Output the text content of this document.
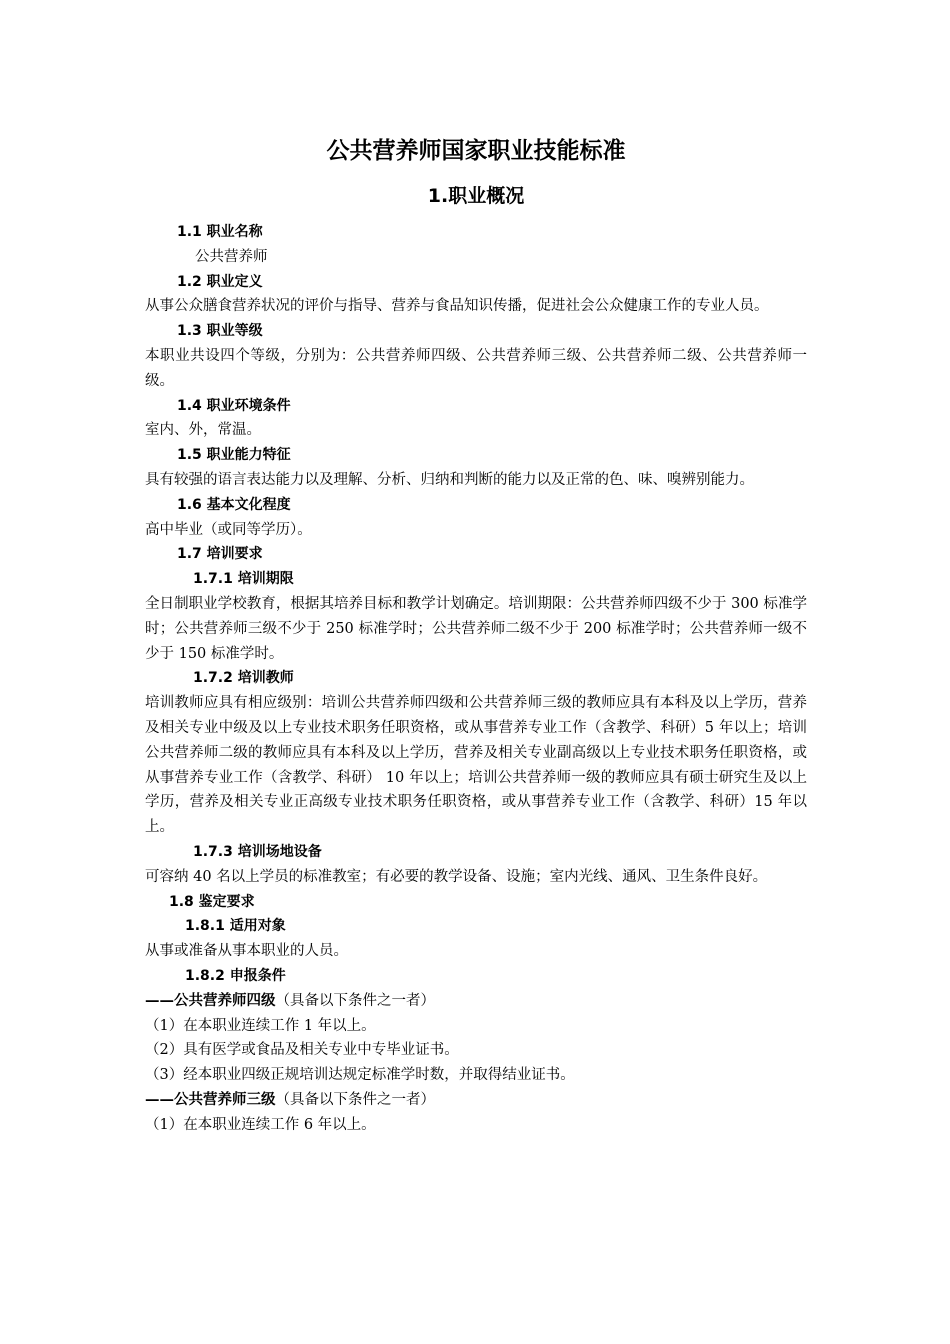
公共营养师国家职业技能标准
1.职业概况
1.1 职业名称
公共营养师
1.2 职业定义
从事公众膳食营养状况的评价与指导、营养与食品知识传播，促进社会公众健康工作的专业人员。
1.3 职业等级
本职业共设四个等级，分别为：公共营养师四级、公共营养师三级、公共营养师二级、公共营养师一级。
1.4 职业环境条件
室内、外，常温。
1.5 职业能力特征
具有较强的语言表达能力以及理解、分析、归纳和判断的能力以及正常的色、味、嗅辨别能力。
1.6 基本文化程度
高中毕业（或同等学历）。
1.7 培训要求
1.7.1 培训期限
全日制职业学校教育，根据其培养目标和教学计划确定。培训期限：公共营养师四级不少于 300 标准学时；公共营养师三级不少于 250 标准学时；公共营养师二级不少于 200 标准学时；公共营养师一级不少于 150 标准学时。
1.7.2 培训教师
培训教师应具有相应级别：培训公共营养师四级和公共营养师三级的教师应具有本科及以上学历，营养及相关专业中级及以上专业技术职务任职资格，或从事营养专业工作（含教学、科研）5 年以上；培训公共营养师二级的教师应具有本科及以上学历，营养及相关专业副高级以上专业技术职务任职资格，或从事营养专业工作（含教学、科研） 10 年以上；培训公共营养师一级的教师应具有硕士研究生及以上学历，营养及相关专业正高级专业技术职务任职资格，或从事营养专业工作（含教学、科研）15 年以上。
1.7.3 培训场地设备
可容纳 40 名以上学员的标准教室；有必要的教学设备、设施；室内光线、通风、卫生条件良好。
1.8 鉴定要求
1.8.1 适用对象
从事或准备从事本职业的人员。
1.8.2 申报条件
——公共营养师四级（具备以下条件之一者）
（1）在本职业连续工作 1 年以上。
（2）具有医学或食品及相关专业中专毕业证书。
（3）经本职业四级正规培训达规定标准学时数，并取得结业证书。
——公共营养师三级（具备以下条件之一者）
（1）在本职业连续工作 6 年以上。
